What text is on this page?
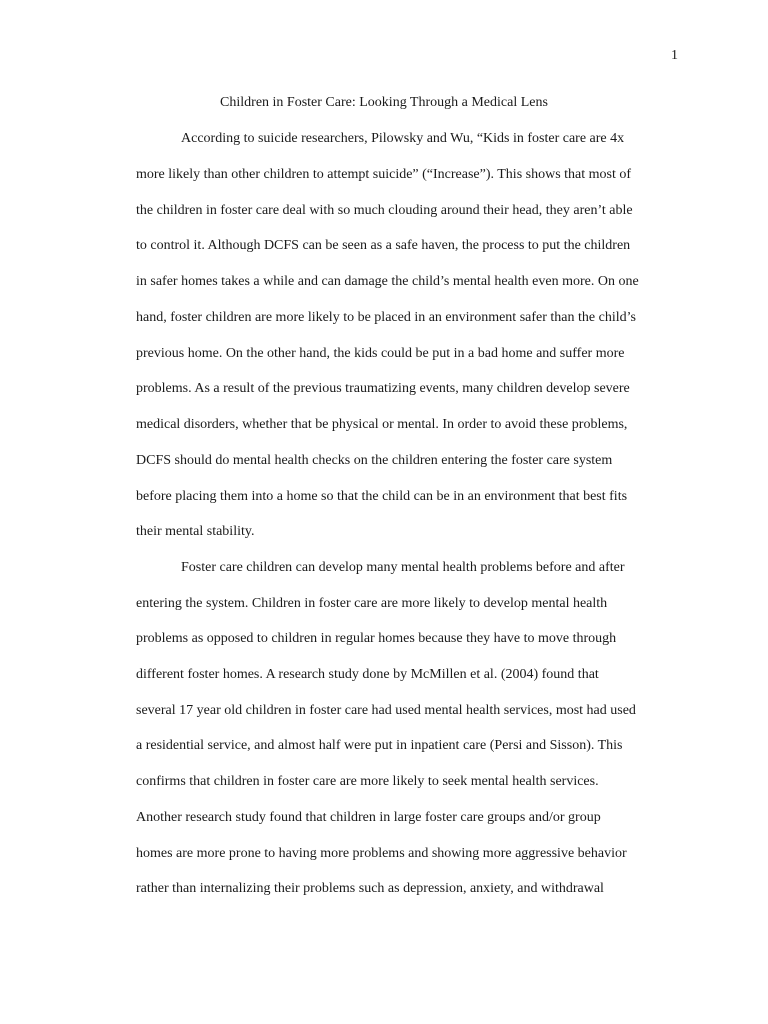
1
Children in Foster Care: Looking Through a Medical Lens
According to suicide researchers, Pilowsky and Wu, “Kids in foster care are 4x
more likely than other children to attempt suicide” (“Increase”). This shows that most of
the children in foster care deal with so much clouding around their head, they aren’t able
to control it. Although DCFS can be seen as a safe haven, the process to put the children
in safer homes takes a while and can damage the child’s mental health even more. On one
hand, foster children are more likely to be placed in an environment safer than the child’s
previous home. On the other hand, the kids could be put in a bad home and suffer more
problems. As a result of the previous traumatizing events, many children develop severe
medical disorders, whether that be physical or mental. In order to avoid these problems,
DCFS should do mental health checks on the children entering the foster care system
before placing them into a home so that the child can be in an environment that best fits
their mental stability.
Foster care children can develop many mental health problems before and after
entering the system. Children in foster care are more likely to develop mental health
problems as opposed to children in regular homes because they have to move through
different foster homes. A research study done by McMillen et al. (2004) found that
several 17 year old children in foster care had used mental health services, most had used
a residential service, and almost half were put in inpatient care (Persi and Sisson). This
confirms that children in foster care are more likely to seek mental health services.
Another research study found that children in large foster care groups and/or group
homes are more prone to having more problems and showing more aggressive behavior
rather than internalizing their problems such as depression, anxiety, and withdrawal
